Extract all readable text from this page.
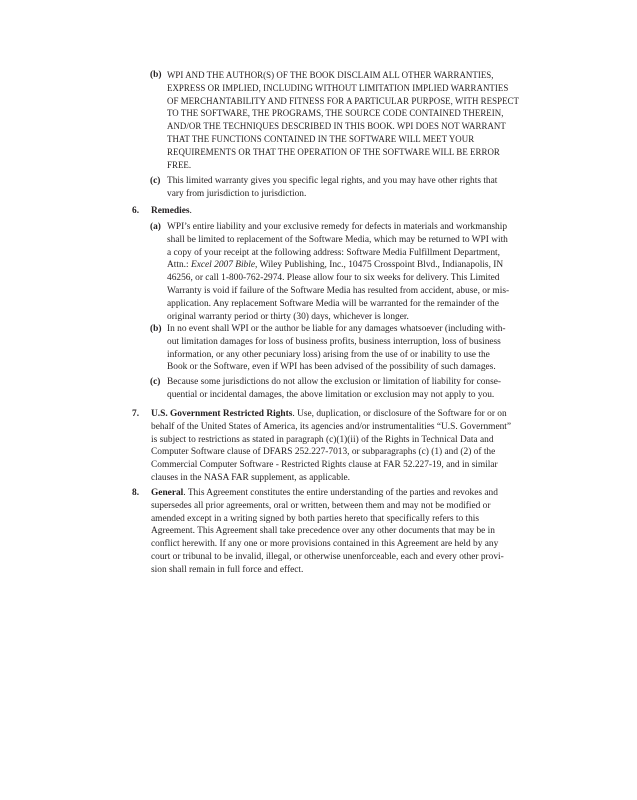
(b) WPI AND THE AUTHOR(S) OF THE BOOK DISCLAIM ALL OTHER WARRANTIES,
EXPRESS OR IMPLIED, INCLUDING WITHOUT LIMITATION IMPLIED WARRANTIES
OF MERCHANTABILITY AND FITNESS FOR A PARTICULAR PURPOSE, WITH RESPECT
TO THE SOFTWARE, THE PROGRAMS, THE SOURCE CODE CONTAINED THEREIN,
AND/OR THE TECHNIQUES DESCRIBED IN THIS BOOK. WPI DOES NOT WARRANT
THAT THE FUNCTIONS CONTAINED IN THE SOFTWARE WILL MEET YOUR
REQUIREMENTS OR THAT THE OPERATION OF THE SOFTWARE WILL BE ERROR
FREE.
(c) This limited warranty gives you specific legal rights, and you may have other rights that
vary from jurisdiction to jurisdiction.
6. Remedies.
(a) WPI’s entire liability and your exclusive remedy for defects in materials and workmanship
shall be limited to replacement of the Software Media, which may be returned to WPI with
a copy of your receipt at the following address: Software Media Fulfillment Department,
Attn.: Excel 2007 Bible, Wiley Publishing, Inc., 10475 Crosspoint Blvd., Indianapolis, IN
46256, or call 1-800-762-2974. Please allow four to six weeks for delivery. This Limited
Warranty is void if failure of the Software Media has resulted from accident, abuse, or mis-
application. Any replacement Software Media will be warranted for the remainder of the
original warranty period or thirty (30) days, whichever is longer.
(b) In no event shall WPI or the author be liable for any damages whatsoever (including with-
out limitation damages for loss of business profits, business interruption, loss of business
information, or any other pecuniary loss) arising from the use of or inability to use the
Book or the Software, even if WPI has been advised of the possibility of such damages.
(c) Because some jurisdictions do not allow the exclusion or limitation of liability for conse-
quential or incidental damages, the above limitation or exclusion may not apply to you.
7. U.S. Government Restricted Rights. Use, duplication, or disclosure of the Software for or on
behalf of the United States of America, its agencies and/or instrumentalities “U.S. Government”
is subject to restrictions as stated in paragraph (c)(1)(ii) of the Rights in Technical Data and
Computer Software clause of DFARS 252.227-7013, or subparagraphs (c) (1) and (2) of the
Commercial Computer Software - Restricted Rights clause at FAR 52.227-19, and in similar
clauses in the NASA FAR supplement, as applicable.
8. General. This Agreement constitutes the entire understanding of the parties and revokes and
supersedes all prior agreements, oral or written, between them and may not be modified or
amended except in a writing signed by both parties hereto that specifically refers to this
Agreement. This Agreement shall take precedence over any other documents that may be in
conflict herewith. If any one or more provisions contained in this Agreement are held by any
court or tribunal to be invalid, illegal, or otherwise unenforceable, each and every other provi-
sion shall remain in full force and effect.
